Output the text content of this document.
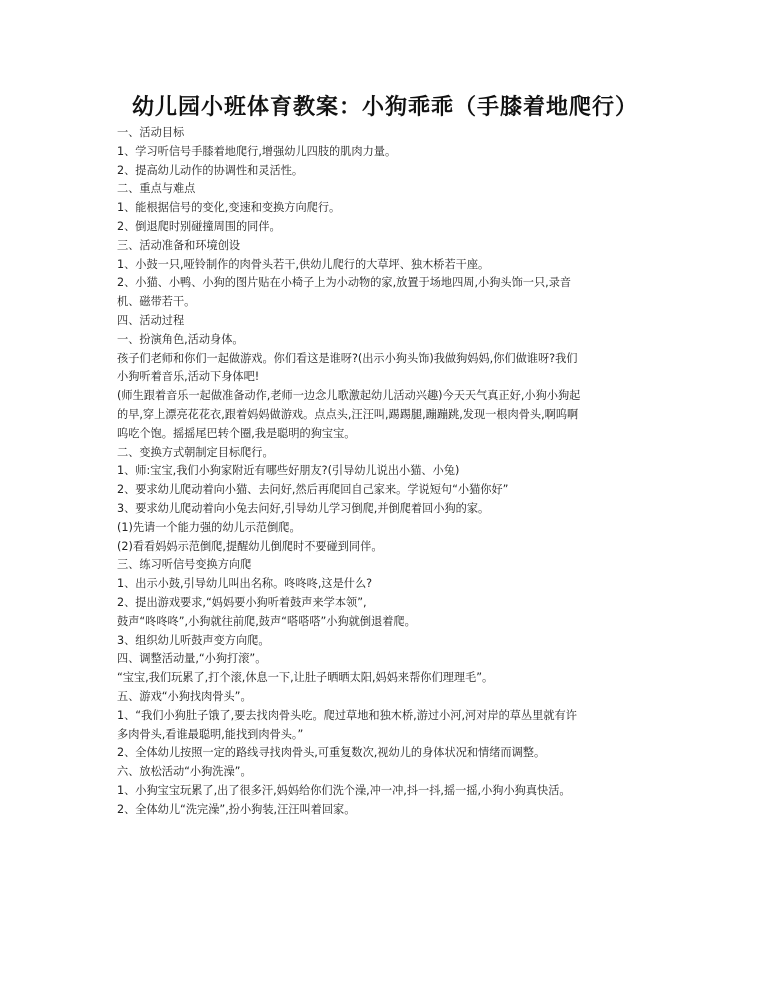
幼儿园小班体育教案：小狗乖乖（手膝着地爬行）
一、活动目标
1、学习听信号手膝着地爬行,增强幼儿四肢的肌肉力量。
2、提高幼儿动作的协调性和灵活性。
二、重点与难点
1、能根据信号的变化,变速和变换方向爬行。
2、倒退爬时别碰撞周围的同伴。
三、活动准备和环境创设
1、小鼓一只,哑铃制作的肉骨头若干,供幼儿爬行的大草坪、独木桥若干座。
2、小猫、小鸭、小狗的图片贴在小椅子上为小动物的家,放置于场地四周,小狗头饰一只,录音
机、磁带若干。
四、活动过程
一、扮演角色,活动身体。
孩子们老师和你们一起做游戏。你们看这是谁呀?(出示小狗头饰)我做狗妈妈,你们做谁呀?我们
小狗听着音乐,活动下身体吧!
(师生跟着音乐一起做准备动作,老师一边念儿歌激起幼儿活动兴趣)今天天气真正好,小狗小狗起
的早,穿上漂亮花花衣,跟着妈妈做游戏。点点头,汪汪叫,踢踢腿,蹦蹦跳,发现一根肉骨头,啊呜啊
呜吃个饱。摇摇尾巴转个圈,我是聪明的狗宝宝。
二、变换方式朝制定目标爬行。
1、师:宝宝,我们小狗家附近有哪些好朋友?(引导幼儿说出小猫、小兔)
2、要求幼儿爬动着向小猫、去问好,然后再爬回自己家来。学说短句“小猫你好”
3、要求幼儿爬动着向小兔去问好,引导幼儿学习倒爬,并倒爬着回小狗的家。
(1)先请一个能力强的幼儿示范倒爬。
(2)看看妈妈示范倒爬,提醒幼儿倒爬时不要碰到同伴。
三、练习听信号变换方向爬
1、出示小鼓,引导幼儿叫出名称。咚咚咚,这是什么?
2、提出游戏要求,“妈妈要小狗听着鼓声来学本领”,
鼓声“咚咚咚”,小狗就往前爬,鼓声“嗒嗒嗒”小狗就倒退着爬。
3、组织幼儿听鼓声变方向爬。
四、调整活动量,“小狗打滚”。
“宝宝,我们玩累了,打个滚,休息一下,让肚子晒晒太阳,妈妈来帮你们理理毛”。
五、游戏“小狗找肉骨头”。
1、“我们小狗肚子饿了,要去找肉骨头吃。爬过草地和独木桥,游过小河,河对岸的草丛里就有许
多肉骨头,看谁最聪明,能找到肉骨头。”
2、全体幼儿按照一定的路线寻找肉骨头,可重复数次,视幼儿的身体状况和情绪而调整。
六、放松活动“小狗洗澡”。
1、小狗宝宝玩累了,出了很多汗,妈妈给你们洗个澡,冲一冲,抖一抖,摇一摇,小狗小狗真快活。
2、全体幼儿“洗完澡”,扮小狗装,汪汪叫着回家。
